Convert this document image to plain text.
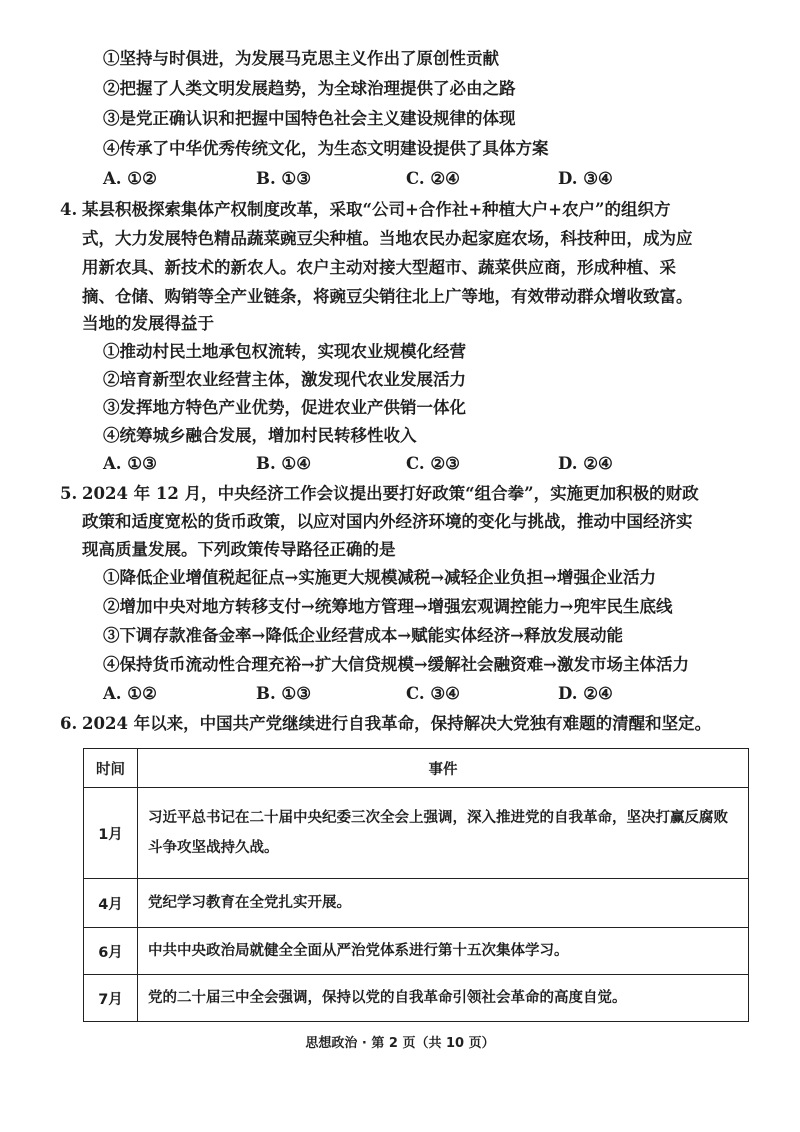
①坚持与时俱进，为发展马克思主义作出了原创性贡献
②把握了人类文明发展趋势，为全球治理提供了必由之路
③是党正确认识和把握中国特色社会主义建设规律的体现
④传承了中华优秀传统文化，为生态文明建设提供了具体方案
A. ①②	B. ①③	C. ②④	D. ③④
4. 某县积极探索集体产权制度改革，采取“公司+合作社+种植大户+农户”的组织方
式，大力发展特色精品蔬菜豌豆尖种植。当地农民办起家庭农场，科技种田，成为应
用新农具、新技术的新农人。农户主动对接大型超市、蔬菜供应商，形成种植、采
摘、仓储、购销等全产业链条，将豌豆尖销往北上广等地，有效带动群众增收致富。
当地的发展得益于
①推动村民土地承包权流转，实现农业规模化经营
②培育新型农业经营主体，激发现代农业发展活力
③发挥地方特色产业优势，促进农业产供销一体化
④统筹城乡融合发展，增加村民转移性收入
A. ①③	B. ①④	C. ②③	D. ②④
5. 2024 年 12 月，中央经济工作会议提出要打好政策“组合拳”，实施更加积极的财政
政策和适度宽松的货币政策，以应对国内外经济环境的变化与挑战，推动中国经济实
现高质量发展。下列政策传导路径正确的是
①降低企业增值税起征点→实施更大规模减税→减轻企业负担→增强企业活力
②增加中央对地方转移支付→统筹地方管理→增强宏观调控能力→兜牢民生底线
③下调存款准备金率→降低企业经营成本→赋能实体经济→释放发展动能
④保持货币流动性合理充裕→扩大信贷规模→缓解社会融资难→激发市场主体活力
A. ①②	B. ①③	C. ③④	D. ②④
6. 2024 年以来，中国共产党继续进行自我革命，保持解决大党独有难题的清醒和坚定。
时间	事件
1月	习近平总书记在二十届中央纪委三次全会上强调，深入推进党的自我革命，坚决打赢反腐败斗争攻坚战持久战。
4月	党纪学习教育在全党扎实开展。
6月	中共中央政治局就健全全面从严治党体系进行第十五次集体学习。
7月	党的二十届三中全会强调，保持以党的自我革命引领社会革命的高度自觉。
思想政治 · 第 2 页（共 10 页）
